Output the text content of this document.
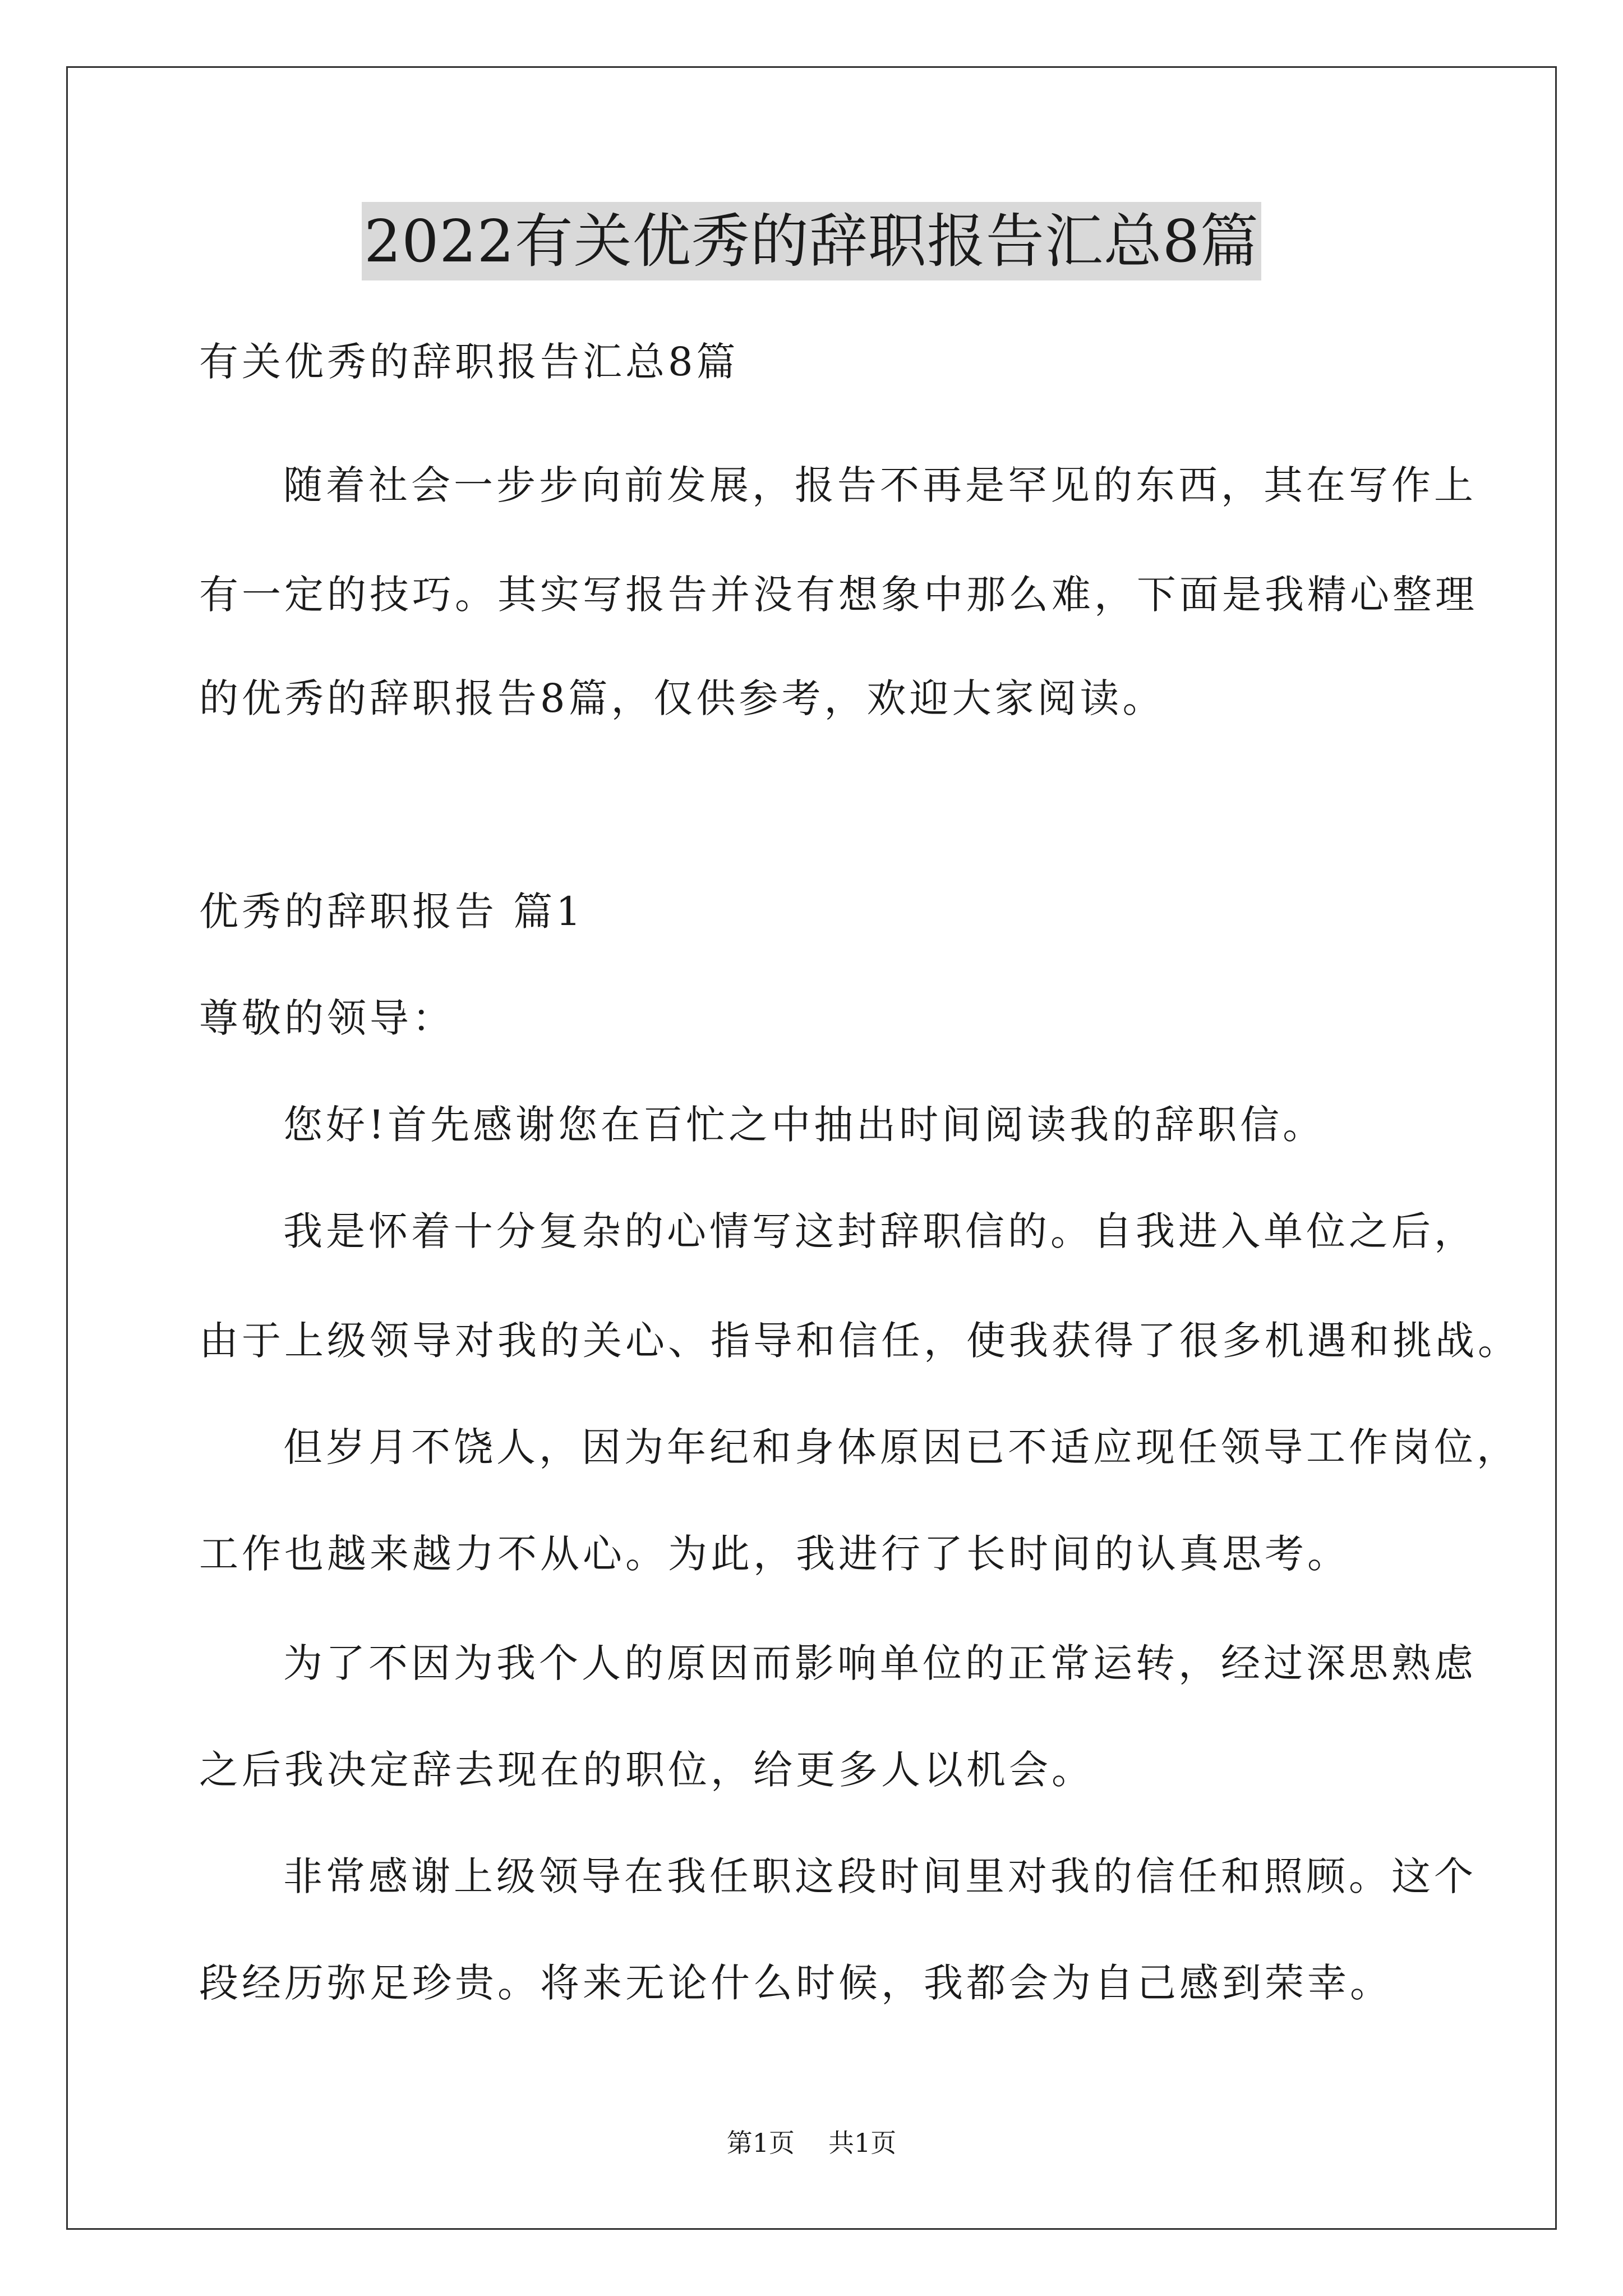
2022有关优秀的辞职报告汇总8篇
有关优秀的辞职报告汇总8篇
随着社会一步步向前发展，报告不再是罕见的东西，其在写作上
有一定的技巧。其实写报告并没有想象中那么难，下面是我精心整理
的优秀的辞职报告8篇，仅供参考，欢迎大家阅读。
优秀的辞职报告 篇1
尊敬的领导：
您好!首先感谢您在百忙之中抽出时间阅读我的辞职信。
我是怀着十分复杂的心情写这封辞职信的。自我进入单位之后，
由于上级领导对我的关心、指导和信任，使我获得了很多机遇和挑战。
但岁月不饶人，因为年纪和身体原因已不适应现任领导工作岗位，
工作也越来越力不从心。为此，我进行了长时间的认真思考。
为了不因为我个人的原因而影响单位的正常运转，经过深思熟虑
之后我决定辞去现在的职位，给更多人以机会。
非常感谢上级领导在我任职这段时间里对我的信任和照顾。这个
段经历弥足珍贵。将来无论什么时候，我都会为自己感到荣幸。
第1页 共1页
